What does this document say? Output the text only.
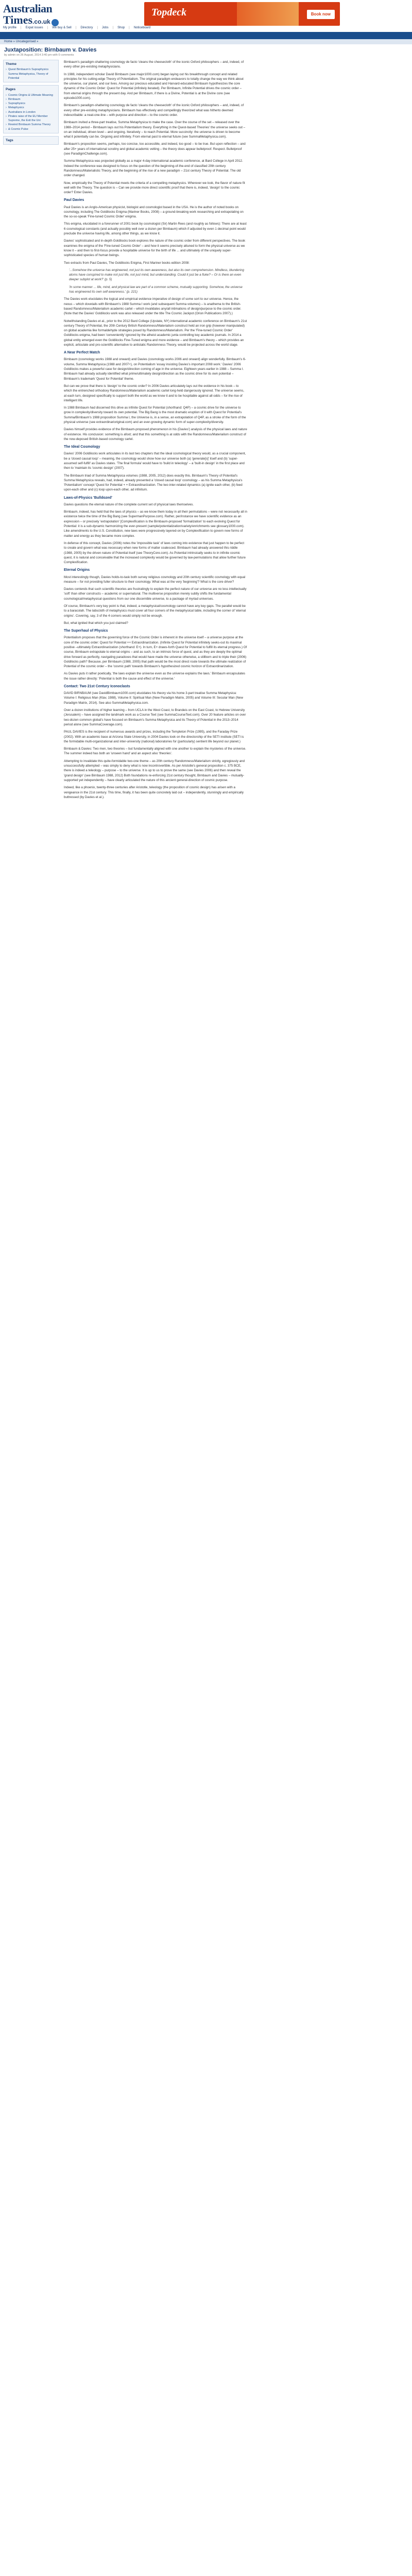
Australian
Times.co.uk
Topdeck	Book now
My profile | Expat issues | We buy & Sell | Directory | Jobs | Shop | Noticeboard
Home » Uncategorised »
Juxtaposition: Birnbaum v. Davies
by admin on 26 August, 2014 3:40 pm with 0 comments
Theme
› Quest Birnbaum's Supraphysics Summa Metaphysica, Theory of Potential
Pages
› Cosmic Origins & Ultimate Meaning
› Birnbaum
› Supraphysics
› Metaphysics
› Australians in London
› Pirates raise of the EU Member Supreme, the Exit the Uni
› Rewind Birnbaum Summa Theory
› & Cosmic Pulse
Tags

Birnbaum's paradigm-shattering cosmology de facto 'cleans the cheesecloth' of the iconic Oxford philosophers – and, indeed, of every other pre-existing metaphysicians.

In 1988, independent scholar David Birnbaum (see major1000.com) began laying out his breakthrough concept and related principles for his cutting-edge Theory of Potentialism. The original paradigm endeavors to totally change the way we think about the universe, our planet, and our lives. Among our precious educated and Harvard-educated Birnbaum hypothesizes the core dynamic of the Cosmic Order: Quest for Potential (infinitely iterated). Per Birnbaum, Infinite Potential drives the cosmic order – from eternal origins through the present day. And per Birnbaum, if there is a Divine, Potential is at the Divine core (see episode1000.com).

Birnbaum's paradigm-shattering cosmology de facto 'cleans the cheesecloth' of the iconic Oxford philosophers – and, indeed, of every other pre-existing metaphysicians. Birnbaum has effectively and compellingly theorized what was hitherto deemed indescribable: a neat-one-line – with purpose and direction – to the cosmic order.

Birnbaum invited a three-part treatise, Summa Metaphysica to make the case. Over the course of the set – released over the 1988–2014 period – Birnbaum lays out his Potentialism theory. Everything in the Quest-based Theories' the universe seeks out – on an individual, driven level – and ongoing. Iteratively – to reach Potential. More succinctly: the universe is driven to become what it potentially can be. Ongoing and infinitely. From eternal past to eternal future (see SummaMetaphysica.com).

Birnbaum's proposition seems, perhaps, too concise, too accessible, and indeed, too good – to be true. But upon reflection – and after 25+ years of international scrutiny and global academic vetting – the theory does appear bulletproof. Respect. Bulletproof (see ParadigmChallenge.com).

Summa Metaphysica was projected globally as a major 4-day international academic conference, at Bard College in April 2012. Indeed the conference was designed to focus on the question of the beginning-of-the-end of classified 20th century Randomness/Materialistic Theory, and the beginning of the rise of a new paradigm – 21st century Theory of Potential. The old order changed.

Now, empirically the Theory of Potential meets the criteria of a compelling metaphysics. Wherever we look, the flavor of nature fit well with the Theory. The question is – Can we provide more direct scientific proof that there is, indeed, 'design' to the cosmic order? Enter Davies.

Paul Davies

Paul Davies is an Anglo-American physicist, biologist and cosmologist based in the USA. He is the author of noted books on cosmology, including The Goldilocks Enigma (Mariner Books, 2008) – a ground-breaking work researching and extrapolating on the so-so-speak 'Fine-tuned Cosmic Order' enigma.

This enigma, elucidated in a forerunner of 2001 book by cosmologist (Sir) Martin Rees (and roughly as follows): There are at least 6 cosmological constants (and actually possibly well over a dozen per Birnbaum) which if adjusted by even 1 decimal point would preclude the universe having life, among other things, as we know it.

Davies' sophisticated and in-depth Goldilocks book explores the nature of the cosmic order from different perspectives. The book examines the enigma of the 'Fine-tuned Cosmic Order' – and how it seems precisely attuned to form the physical universe as we know it – and then to first-focus provide a hospitable universe for the birth of life ... and ultimately of the uniquely super-sophisticated species of human beings.

Two extracts from Paul Davies, The Goldilocks Enigma, First Mariner books edition 2008:

'...Somehow the universe has engineered, not just its own awareness, but also its own comprehension. Mindless, blundering atoms have conspired to make not just life, not just mind, but understanding. Could it just be a fluke? – Or is there an even deeper subplot at work?' (p. 5)
'In some manner ... life, mind, and physical law are part of a common scheme, mutually supporting. Somehow, the universe has engineered its own self-awareness.' (p. 221)

The Davies work elucidates the logical and empirical evidence imperative of design of some sort to our universe. Hence, the nexus – which dovetails with Birnbaum's 1988 Summa I work (and subsequent Summa volumes) – is anathema to the British-based Randomness/Materialism academic cartel – which invalidates any/all intimations of design/purpose to the cosmic order. (Note that the Davies' Goldilocks work was also released under the title The Cosmic Jackpot (Orion Publications 2007).)

Notwithstanding Davies et al., prior to the 2012 Bard College (Upstate, NY) international academic conference on Birnbaum's 21st century Theory of Potential, the 20th Century British Randomness/Materialism construct held an iron grip (however manipulated) on global academia like formaldehyde strategies posed by Randomness/Materialism. Per the 'Fine-tuned Cosmic Order' Goldilocks enigma, had been 'conveniently' ignored by the atheist academic junta controlling key academic journals. In 2014 a global entity emerged even the Goldilocks Fine-Tuned enigma and more evidence – and Birnbaum's theory – which provides an explicit, articulate and pro-scientific alternative to antistatic Randomness Theory, would be projected across the world stage.

A Near Perfect Match

Birnbaum (cosmology works 1988 and onward) and Davies (cosmology works 2006 and onward) align wonderfully. Birnbaum's 6-volume, Summa Metaphysica (1988 and 2007+), on Potentialism 'essay insisting Davies's important 2008 work.' Davies' 2006 Goldilocks makes a powerful case for design/direction coming of age in the universe. Eighteen years earlier in 1988 – Summa I. Birnbaum had already actually identified what prime/ultimately design/direction as the cosmic drive for its own potential – Birnbaum's trademark 'Quest for Potential' theme.

But can we prove that there is 'design' to the cosmic order? In 2006 Davies articulately lays out the evidence in his book – to which the entrenched orthodoxy Randomness/Materialism academic cartel long-held dangerously ignored. The universe seems, at each turn, designed specifically to support both the world as we know it and to be hospitable against all odds – for the rise of intelligent life.

In 1988 Birnbaum had discerned this drive as infinite Quest for Potential (shorthand: Q4P) – a cosmic drive for the universe to grow in complexity/diversity toward its own potential. The Big Bang is the most dramatic eruption of it with Quest for Potential's Summa/Birnbaum's 1988 proposition Summa I, the Universe is, in a sense, an extrapolation of Q4P, as a stroke of the form of the physical universe (see extraordinarioriginal.com) and an ever-growing dynamic form of super-complexity/diversity.

Davies himself provides evidence of the Birnbaum-proposed phenomenon in his (Davies') analysis of the physical laws and nature of existence. His conclusion: something is afoot; and that this something is at odds with the Randomness/Materialism construct of the now-deposed British-based cosmology cartel.

The Ideal Cosmology

Davies' 2006 Goldilocks work articulates in its last two chapters that the ideal cosmological theory would, as a crucial component, be a 'closed causal loop' – meaning, the cosmology would show how our universe both (a) 'generate[s]' itself and (b) 'super-assumed self-fulfill' as Davies states. 'The final formula' would have to 'build in teleology' – a 'built-in design' in the first place and then to 'maintain its 'cosmic design' (2007).

The Birnbaum triad of Summa Metaphysica volumes (1988, 2005, 2012) does exactly this. Birnbaum's Theory of Potential's Summa Metaphysica reveals, had, indeed, already presented a 'closed causal loop' cosmology – as his Summa Metaphysica's 'Potentialism' concept 'Quest for Potential + + Extraordinarization. The two inter-related dynamics (a) ignite each other, (b) feed upon-each other and (c) loop upon-each other, ad infinitum.

Laws-of-Physics 'Bulldozed'

Davies questions the eternal nature of the complete current set of physical laws themselves.

Birnbaum, indeed, has held that the laws of physics – as we know them today in all their permutations – were not necessarily all in existence twice the time of the Big Bang (see SupermanPurpose.com). Rather, per/instance we have scientific evidence as an expression – or precisely 'extrapolation' [Complexification is the Birnbaum-proposed 'formalization' to each evolving Quest for Potential: it is a sub-dynamic harmonizing the ever-present (sample/potentialization/variety/enrichments see glossary1000.com). Like amendments to the U.S. Constitution, new laws were progressively layered-on by Complexification to govern new forms of matter and energy as they became more complex.

In defense of this concept, Davies (2006) notes the 'impossible task' of laws coming into existence that just happen to be perfect to create and govern what was necessary when new forms of matter coalesced. Birnbaum had already answered this riddle (1988, 2005) by the driven nature of Potential itself (see TheoryCore.com). As Potential intrinsically seeks to in infinite cosmic quest, it is natural and conceivable that the increased complexity would be governed by law-permutations that allow further future Complexification.

Eternal Origins

Most interestingly though, Davies holds-to-task both survey religious cosmology and 20th century scientific cosmology with equal measure – for not providing fuller structure to their cosmology. What was at the very 'beginning'? What is the core driver?

Davies contends that such scientific theories are frustratingly to explain the perfect nature of our universe are no less intellectually 'soft' than other constructs – academic or supernatural. The multiverse proposition merely subtly shifts the fundamental cosmological/metaphysical questions from our one discernible universe, to a package of myriad universes.

Of course, Birnbaum's very key point is that, indeed, a metaphysical/cosmology cannot have any key gaps. The parallel would be to a baracolah. The labscloth of metaphysics must cover all four corners of the metaphysical table, including the corner of 'eternal origins'. Covering, say, 3 of the 4 corners would simply not be enough.

But, what ignited that which you just claimed?

The Superhaul of Physics

Potentialism proposes that the governing force of the Cosmic Order is inherent in the universe itself – a universe purpose at the core of the cosmic order: Quest for Potential ++ Extraordinarization. (Infinite Quest for Potential infinitely seeks-out its maximal positive –ultimately Extraordinarization (shorthand: E+). In turn, E+ draws-forth Quest for Potential to fulfill its eternal progress.) Of course, Birnbaum extrapolate to eternal origins – and as such, to an intrinsic force of quest, and as they are deeply the optimal drive forward as perfectly, navigating paradoxes that would have made the universe otherwise, a stillborn and to triple their (2006) Goldilocks path? Because, per Birnbaum (1988, 2005) that path would be the most direct route towards the ultimate realization of Potential of the cosmic order – the 'cosmic path' towards Birnbaum's hypothesized cosmic horizon of Extraordinarization.

As Davies puts it rather poetically, 'the laws explain the universe even as the universe explains the laws.' Birnbaum encapsulates the issue rather directly: 'Potential is both the cause and effect of the universe.'

Contact: Two 21st Century Iconoclasts

DAVID BIRNBAUM (see DavidBirnbaum1000.com) elucidates his theory via his home 3-part treatise Summa Metaphysica: Volume I: Religious Man (Klav, 1988), Volume II: Spiritual Man (New Paradigm Matrix, 2005) and Volume III: Secular Man (New Paradigm Matrix, 2014). See also SummaMetaphysica.com.

Over a dozen institutions of higher learning – from UCLA in the West Coast, to Brandeis on the East Coast, to Hebrew University (Jerusalem) – have assigned the landmark work as a Course Text (see SummaCourseText.com). Over 20 feature articles on over two-dozen common global's have focused on Birnbaum's Summa Metaphysica and its Theory of Potential in the 2013–2014 period alone (see SummaCoverage.com).

PAUL DAVIES is the recipient of numerous awards and prizes, including the Templeton Prize (1995), and the Faraday Prize (2002). With an academic base at Arizona State University, in 2004 Davies took on the directorship of the SETI institute (SETI is the formidable multi-organizational and inter-university (national) laboratories for (particularly) sentient life beyond our planet.)

Birnbaum & Davies: Two men, two theories – but fundamentally aligned with one another to explain the mysteries of the universe. The summer indeed has both an 'unseen hand' and an aspect also 'theories'.

Attempting to invalidate this quite-formidable two-one theme – as 20th century Randomness/Materialism strictly, egregiously and unsuccessfully attempted – was simply to deny what is now incontrovertible. As per Aristotle's general proposition c. 375 BCE, there is indeed a teleology – purpose – to the universe. It is up to us to prove the same (see Davies 2006) and then reveal the 'grand design' (see Birnbaum 1988, 2012) Both foundations re-enforcing 21st century thought, Birnbaum and Davies – mutually-supported yet independently – have clearly articulated the nature of this ancient general-direction of cosmic purpose.

Indeed, like a phoenix, twenty-three centuries after Aristotle, teleology (the proposition of cosmic design) has arisen with a vengeance in the 21st century. This time, finally, it has been quite concretely laid out – independently, stunningly and empirically buttressed (by Davies et al.).
